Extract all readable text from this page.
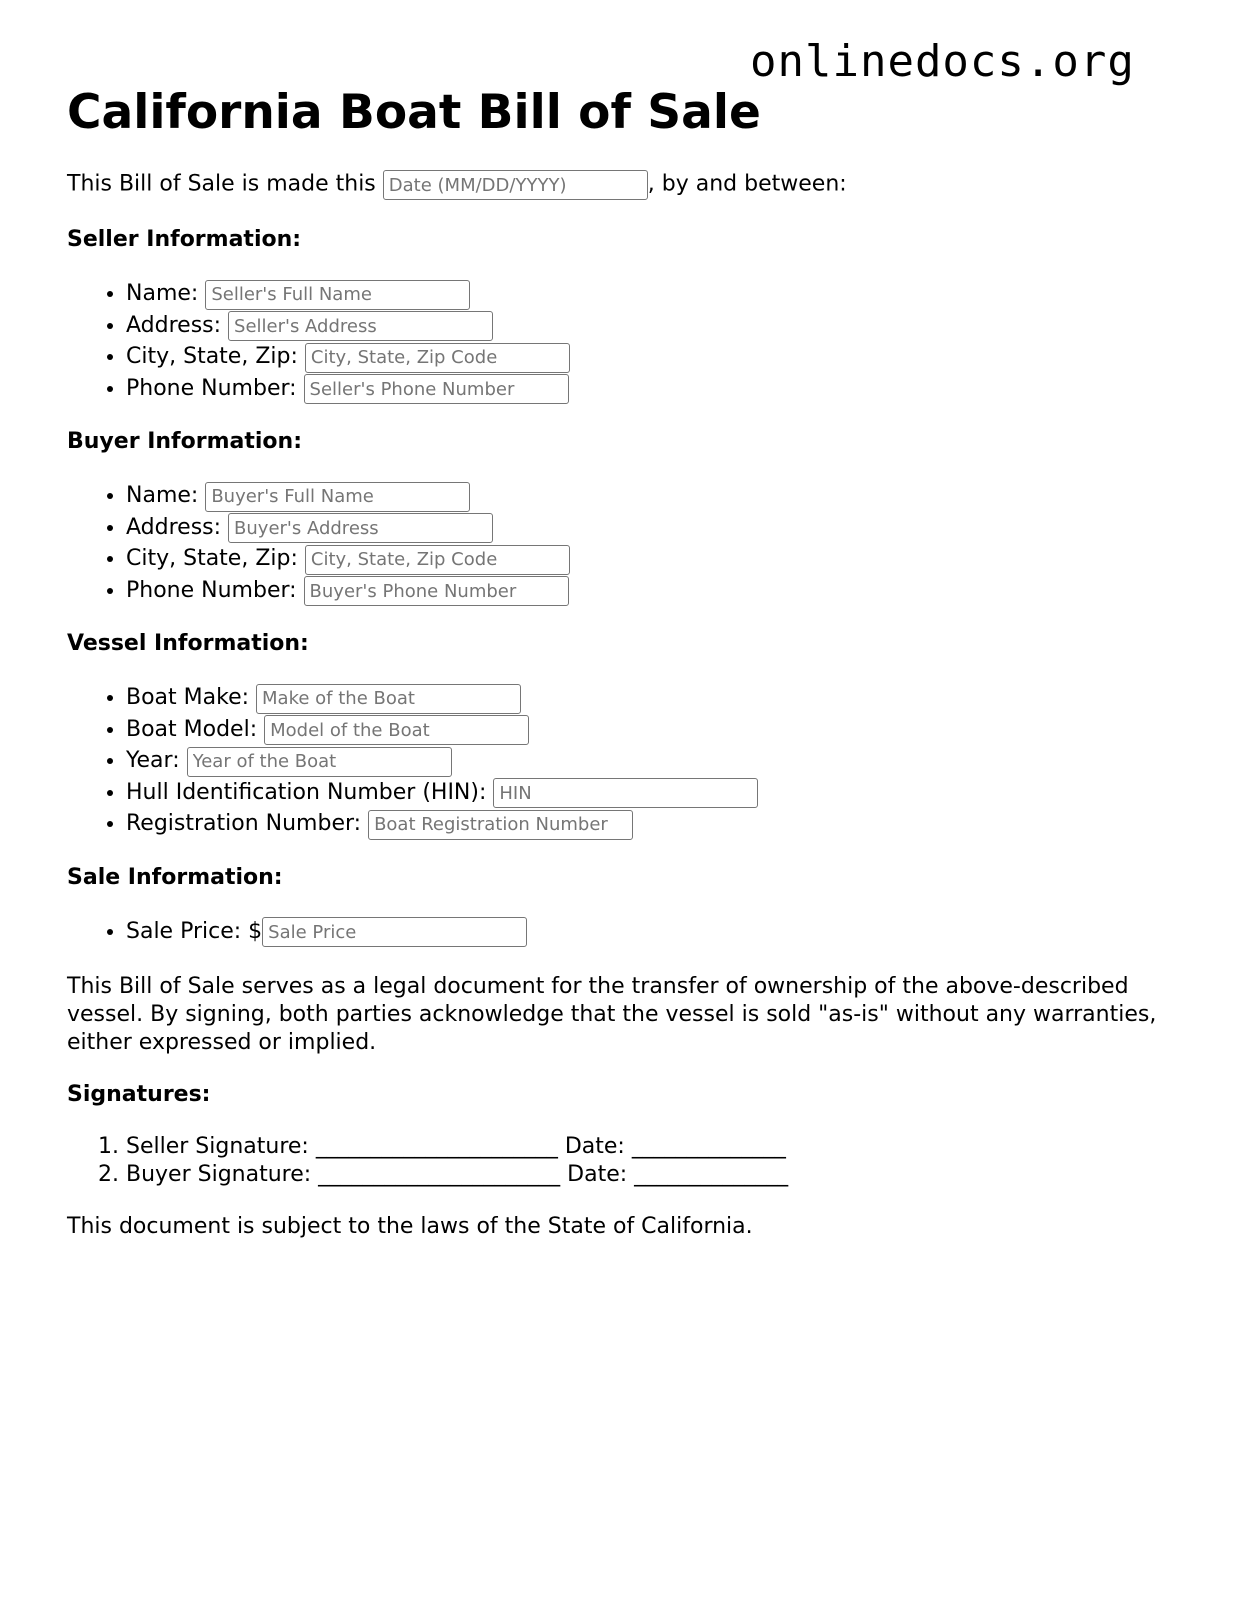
onlinedocs.org
California Boat Bill of Sale

This Bill of Sale is made this Date (MM/DD/YYYY)	, by and between:

Seller Information:
• Name: Seller's Full Name
• Address: Seller's Address
• City, State, Zip: City, State, Zip Code
• Phone Number: Seller's Phone Number
Buyer Information:
• Name: Buyer's Full Name
• Address: Buyer's Address
• City, State, Zip: City, State, Zip Code
• Phone Number: Buyer's Phone Number
Vessel Information:
• Boat Make: Make of the Boat
• Boat Model: Model of the Boat
• Year: Year of the Boat
• Hull Identification Number (HIN): HIN
• Registration Number: Boat Registration Number
Sale Information:
• Sale Price: $Sale Price

This Bill of Sale serves as a legal document for the transfer of ownership of the above-described vessel. By signing, both parties acknowledge that the vessel is sold "as-is" without any warranties, either expressed or implied.

Signatures:
1. Seller Signature: ______________________ Date: ______________
2. Buyer Signature: ______________________ Date: ______________

This document is subject to the laws of the State of California.
